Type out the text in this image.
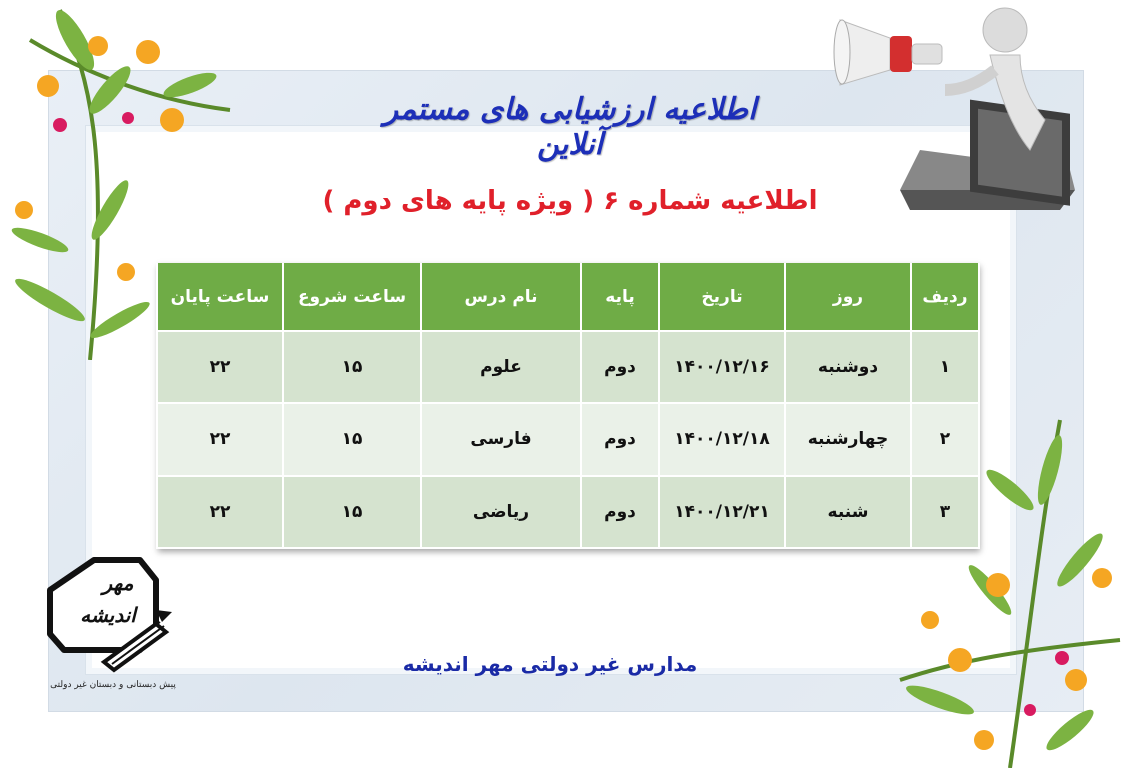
اطلاعیه ارزشیابی های مستمر آنلاین
اطلاعیه شماره ۶ ( ویژه پایه های دوم )
ردیف	روز	تاریخ	پایه	نام درس	ساعت شروع	ساعت پایان
۱	دوشنبه	۱۴۰۰/۱۲/۱۶	دوم	علوم	۱۵	۲۲
۲	چهارشنبه	۱۴۰۰/۱۲/۱۸	دوم	فارسی	۱۵	۲۲
۳	شنبه	۱۴۰۰/۱۲/۲۱	دوم	ریاضی	۱۵	۲۲
مهر
اندیشه
پیش دبستانی و دبستان غیر دولتی
مدارس غیر دولتی مهر اندیشه
